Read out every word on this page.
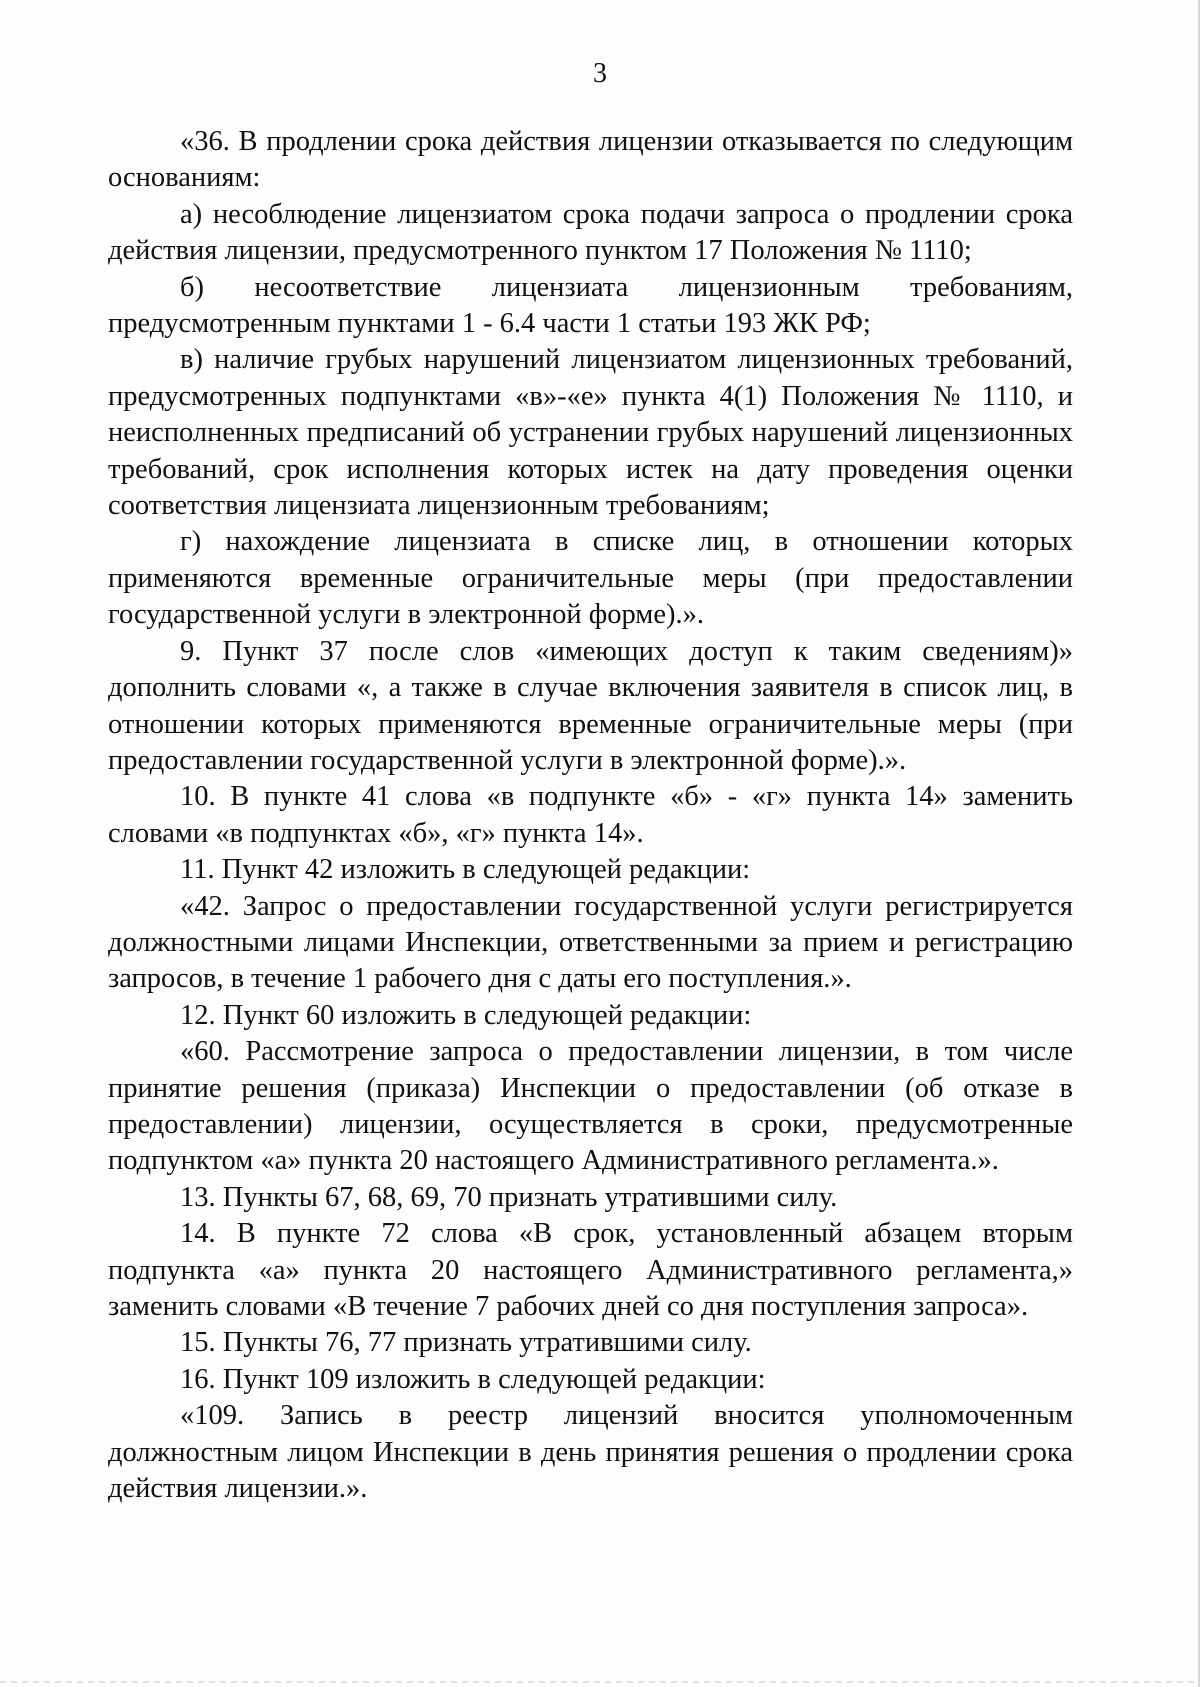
3

«36. В продлении срока действия лицензии отказывается по следующим основаниям:

а) несоблюдение лицензиатом срока подачи запроса о продлении срока действия лицензии, предусмотренного пунктом 17 Положения № 1110;

б) несоответствие лицензиата лицензионным требованиям, предусмотренным пунктами 1 - 6.4 части 1 статьи 193 ЖК РФ;

в) наличие грубых нарушений лицензиатом лицензионных требований, предусмотренных подпунктами «в»-«е» пункта 4(1) Положения № 1110, и неисполненных предписаний об устранении грубых нарушений лицензионных требований, срок исполнения которых истек на дату проведения оценки соответствия лицензиата лицензионным требованиям;

г) нахождение лицензиата в списке лиц, в отношении которых применяются временные ограничительные меры (при предоставлении государственной услуги в электронной форме).».

9. Пункт 37 после слов «имеющих доступ к таким сведениям)» дополнить словами «, а также в случае включения заявителя в список лиц, в отношении которых применяются временные ограничительные меры (при предоставлении государственной услуги в электронной форме).».

10. В пункте 41 слова «в подпункте «б» - «г» пункта 14» заменить словами «в подпунктах «б», «г» пункта 14».

11. Пункт 42 изложить в следующей редакции:

«42. Запрос о предоставлении государственной услуги регистрируется должностными лицами Инспекции, ответственными за прием и регистрацию запросов, в течение 1 рабочего дня с даты его поступления.».

12. Пункт 60 изложить в следующей редакции:

«60. Рассмотрение запроса о предоставлении лицензии, в том числе принятие решения (приказа) Инспекции о предоставлении (об отказе в предоставлении) лицензии, осуществляется в сроки, предусмотренные подпунктом «а» пункта 20 настоящего Административного регламента.».

13. Пункты 67, 68, 69, 70 признать утратившими силу.

14. В пункте 72 слова «В срок, установленный абзацем вторым подпункта «а» пункта 20 настоящего Административного регламента,» заменить словами «В течение 7 рабочих дней со дня поступления запроса».

15. Пункты 76, 77 признать утратившими силу.

16. Пункт 109 изложить в следующей редакции:

«109. Запись в реестр лицензий вносится уполномоченным должностным лицом Инспекции в день принятия решения о продлении срока действия лицензии.».
